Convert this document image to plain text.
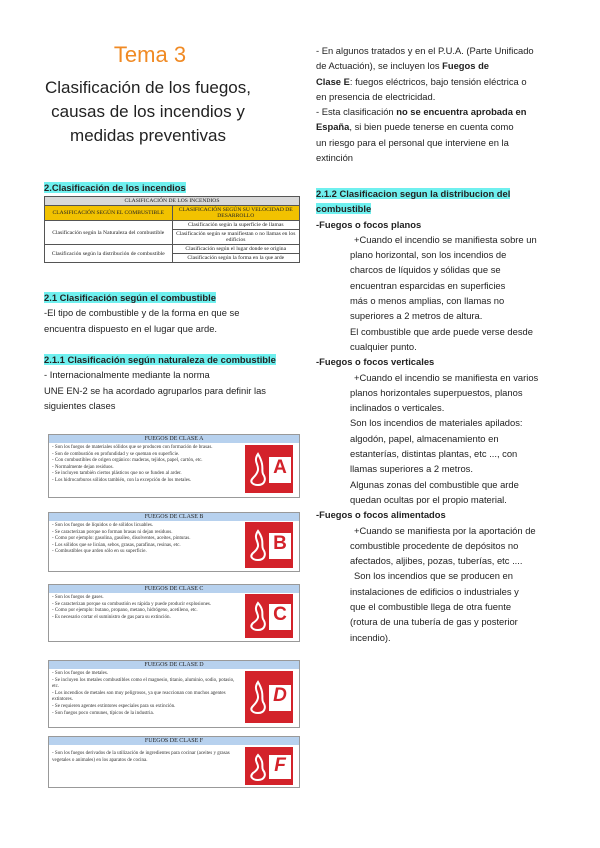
Tema 3
Clasificación de los fuegos,
causas de los incendios y
medidas preventivas
2.Clasificación de los incendios
CLASIFICACIÓN DE LOS INCENDIOS	
CLASIFICACIÓN SEGÚN EL COMBUSTIBLE	CLASIFICACIÓN SEGÚN SU VELOCIDAD DE DESARROLLO
Clasificación según la Naturaleza del combustible	Clasificación según la superficie de llamas
	Clasificación según se manifiestan o no llamas en los edificios
Clasificación según la distribución de combustible	Clasificación según el lugar donde se origina
	Clasificación según la forma en la que arde
2.1 Clasificación según el combustible
-El tipo de combustible y de la forma en que se
encuentra dispuesto en el lugar que arde.
2.1.1 Clasificación según naturaleza de combustible
- Internacionalmente mediante la norma
UNE EN-2 se ha acordado agruparlos para definir las
siguientes clases
FUEGOS DE CLASE A
- Son los fuegos de materiales sólidos que se producen con formación de brasas.
- Son de combustión en profundidad y se queman en superficie.
- Con combustibles de origen orgánico: maderas, tejidos, papel, cartón, etc.
- Normalmente dejan residuos.
- Se incluyen también ciertos plásticos que no se funden al arder.
- Los hidrocarburos sólidos también, con la excepción de los metales.
A
FUEGOS DE CLASE B
- Son los fuegos de líquidos o de sólidos licuables.
- Se caracterizan porque no forman brasas ni dejan residuos.
- Como por ejemplo: gasolina, gasóleo, disolventes, aceites, pinturas.
- Los sólidos que se licúan, sebos, grasas, parafinas, resinas, etc.
- Combustibles que arden sólo en su superficie.	B
FUEGOS DE CLASE C
- Son los fuegos de gases.
- Se caracterizan porque su combustión es rápida y puede producir explosiones.
- Como por ejemplo: butano, propano, metano, hidrógeno, acetileno, etc.
- Es necesario cortar el suministro de gas para su extinción.	C
FUEGOS DE CLASE D
- Son los fuegos de metales.
- Se incluyen los metales combustibles como el magnesio, titanio, aluminio, sodio, potasio, etc.
- Los incendios de metales son muy peligrosos, ya que reaccionan con muchos agentes extintores.
- Se requieren agentes extintores especiales para su extinción.
- Son fuegos poco comunes, típicos de la industria.
D
FUEGOS DE CLASE F
- Son los fuegos derivados de la utilización de ingredientes para cocinar (aceites y grasas vegetales o animales) en los aparatos de cocina.	F
- En algunos tratados y en el P.U.A. (Parte Unificado
de Actuación), se incluyen los Fuegos de
Clase E: fuegos eléctricos, bajo tensión eléctrica o
en presencia de electricidad.
- Esta clasificación no se encuentra aprobada en
España, si bien puede tenerse en cuenta como
un riesgo para el personal que interviene en la
extinción
2.1.2 Clasificacion segun la distribucion del
combustible
-Fuegos o focos planos
+Cuando el incendio se manifiesta sobre un
plano horizontal, son los incendios de
charcos de líquidos y sólidas que se
encuentran esparcidas en superficies
más o menos amplias, con llamas no
superiores a 2 metros de altura.
El combustible que arde puede verse desde
cualquier punto.
-Fuegos o focos verticales
+Cuando el incendio se manifiesta en varios
planos horizontales superpuestos, planos
inclinados o verticales.
Son los incendios de materiales apilados:
algodón, papel, almacenamiento en
estanterías, distintas plantas, etc ..., con
llamas superiores a 2 metros.
Algunas zonas del combustible que arde
quedan ocultas por el propio material.
-Fuegos o focos alimentados
+Cuando se manifiesta por la aportación de
combustible procedente de depósitos no
afectados, aljibes, pozas, tuberías, etc ....
Son los incendios que se producen en
instalaciones de edificios o industriales y
que el combustible llega de otra fuente
(rotura de una tubería de gas y posterior
incendio).
